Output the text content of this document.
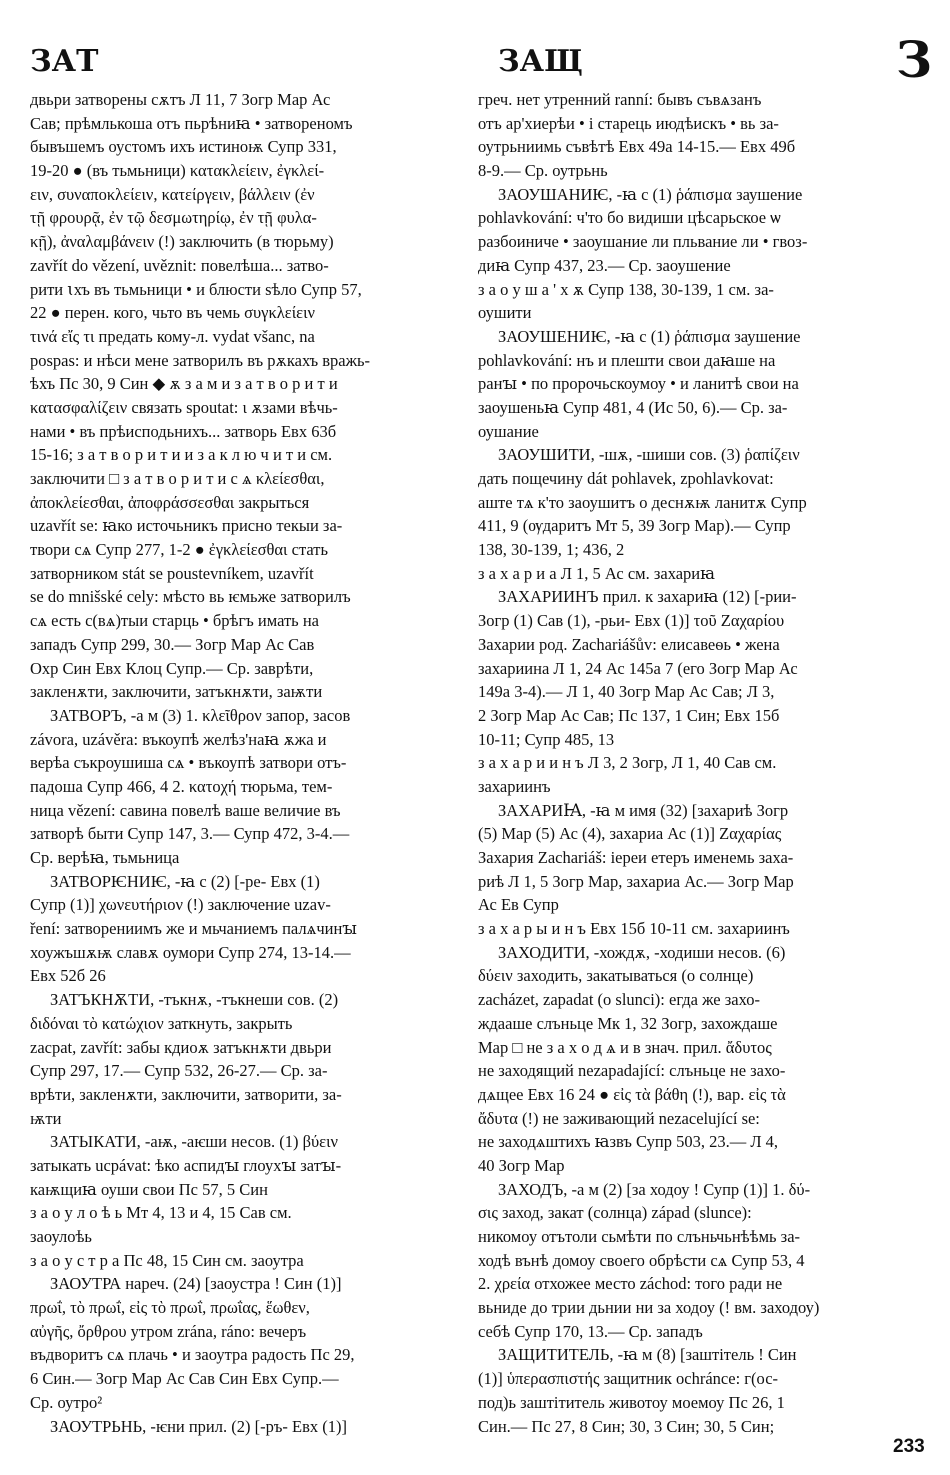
ЗАТ	ЗАЩ	З
двьри затворены сѫтъ Л 11, 7 Зогр Мар Ас
Сав; прѣмлькоша отъ пьрѣниꙗ • затвореномъ
бывъшемъ оустомъ ихъ истиноѭ Супр 331,
19-20 ● (въ тьмьници) κατακλείειν, ἐγκλεί-
ειν, συναποκλείειν, κατείργειν, βάλλειν (ἐν
τῇ φρουρᾷ, ἐν τῷ δεσμωτηρίῳ, ἐν τῇ φυλα-
κῇ), ἀναλαμβάνειν (!) заключить (в тюрьму)
zavřít do vězení, uvěznit: повелѣша... затво-
рити ꙇхъ въ тьмьници • и блюсти ѕѣло Супр 57,
22 ● перен. кого, чьто въ чемь συγκλείειν
τινά εἴς τι предать кому-л. vydat všanc, na
pospas: и нѣси мене затворилъ въ рѫкахъ вражь-
ѣхъ Пс 30, 9 Син ◆ ѫ з а м и з а т в о р и т и
κατασφαλίζειν связать spoutat: ι ѫзами вѣчь-
нами • въ прѣисподьнихъ... затворь Евх 63б
15-16; з а т в о р и т и и з а к л ю ч и т и см.
заключити □ з а т в о р и т и с ѧ κλείεσθαι,
ἀποκλείεσθαι, ἀποφράσσεσθαι закрыться
uzavřít se: ꙗко источьникъ присно текыи за-
твори сѧ Супр 277, 1-2 ● ἐγκλείεσθαι стать
затворником stát se poustevníkem, uzavřít
se do mnišské cely: мѣсто вь ѥмьже затворилъ
сѧ есть с(вѧ)тыи старць • брѣгъ имать на
западъ Супр 299, 30.— Зогр Мар Ас Сав
Охр Син Евх Клоц Супр.— Ср. заврѣти,
закленѫти, заключити, затъкнѫти, заѭти
ЗАТВОРЪ, -а м (3) 1. κλεῖθρον запор, засов
závora, uzávěra: въкоупѣ желѣз'наꙗ ѫжа и
верѣа съкроушиша сѧ • въкоупѣ затвори отъ-
падоша Супр 466, 4 2. κατοχή тюрьма, тем-
ница vězení: савина повелѣ ваше величие въ
затворѣ быти Супр 147, 3.— Супр 472, 3-4.—
Ср. верѣꙗ, тьмьница
ЗАТВОРѤНИѤ, -ꙗ с (2) [-ре- Евх (1)
Супр (1)] χωνευτήριον (!) заключение uzav-
ření: затворениимъ же и мьчаниемъ палѧчинꙑ
хоужъшѫѭ славѫ оумори Супр 274, 13-14.—
Евх 52б 26
ЗАТЪКНѪТИ, -тъкнѫ, -тъкнеши сов. (2)
διδόναι τὸ κατώχιον заткнуть, закрыть
zacpat, zavřít: забы кдиоѫ затъкнѫти двьри
Супр 297, 17.— Супр 532, 26-27.— Ср. за-
врѣти, закленѫти, заключити, затворити, за-
ѭти
ЗАТЫКАТИ, -аѭ, -аѥши несов. (1) βύειν
затыкать ucpávat: ѣко аспидꙑ глоухꙑ затꙑ-
каѭщиꙗ оуши свои Пс 57, 5 Син
з а о у л о ѣ ь Мт 4, 13 и 4, 15 Сав см.
заоулоѣь
з а о у с т р а Пс 48, 15 Син см. заоутра
ЗАОУТРА нареч. (24) [заоустра ! Син (1)]
πρωΐ, τὸ πρωΐ, εἰς τὸ πρωΐ, πρωΐας, ἕωθεν,
αὐγῆς, ὄρθρου утром zrána, ráno: вечеръ
въдворитъ сѧ плачь • и заоутра радость Пс 29,
6 Син.— Зогр Мар Ас Сав Син Евх Супр.—
Ср. оутро²
ЗАОУТРЬНЬ, -ѥни прил. (2) [-ръ- Евх (1)]
греч. нет утренний ranní: бывъ съвѧзанъ
отъ ар'хиерѣи • і старець июдѣискъ • вь за-
оутрьниимь съвѣтѣ Евх 49а 14-15.— Евх 49б
8-9.— Ср. оутрьнь
ЗАОУШАНИѤ, -ꙗ с (1) ῥάπισμα заушение
pohlavkování: ч'то бо видиши цѣсарьское ѡ
разбоиниче • заоушание ли пльвание ли • гвоз-
диꙗ Супр 437, 23.— Ср. заоушение
з а о у ш а ' х ѫ Супр 138, 30-139, 1 см. за-
оушити
ЗАОУШЕНИѤ, -ꙗ с (1) ῥάπισμα заушение
pohlavkování: нъ и плешти свои даꙗше на
ранꙑ • по пророчьскоумоу • и ланитѣ свои на
заоушеньꙗ Супр 481, 4 (Ис 50, 6).— Ср. за-
оушание
ЗАОУШИТИ, -шѫ, -шиши сов. (3) ῥαπίζειν
дать пощечину dát pohlavek, zpohlavkovat:
аште тѧ к'то заоушитъ о деснѫѭ ланитѫ Супр
411, 9 (ѹдаритъ Мт 5, 39 Зогр Мар).— Супр
138, 30-139, 1; 436, 2
з а х а р и а Л 1, 5 Ас см. захариꙗ
ЗАХАРИИНЪ прил. к захариꙗ (12) [-рии-
Зогр (1) Сав (1), -рьи- Евх (1)] τοῦ Ζαχαρίου
Захарии род. Zachariášův: елисавеѳь • жена
захариина Л 1, 24 Ас 145а 7 (его Зогр Мар Ас
149а 3-4).— Л 1, 40 Зогр Мар Ас Сав; Л 3,
2 Зогр Мар Ас Сав; Пс 137, 1 Син; Евх 15б
10-11; Супр 485, 13
з а х а р и и н ъ Л 3, 2 Зогр, Л 1, 40 Сав см.
захариинъ
ЗАХАРИꙖ, -ꙗ м имя (32) [захариѣ Зогр
(5) Мар (5) Ас (4), захариа Ас (1)] Ζαχαρίας
Захария Zachariáš: іереи етеръ именемь заха-
риѣ Л 1, 5 Зогр Мар, захариа Ас.— Зогр Мар
Ас Ев Супр
з а х а р ы и н ъ Евх 15б 10-11 см. захариинъ
ЗАХОДИТИ, -хождѫ, -ходиши несов. (6)
δύειν заходить, закатываться (о солнце)
zacházet, zapadat (o slunci): егда же захо-
ждааше слъньце Мк 1, 32 Зогр, захождаше
Мар □ не з а х о д ѧ и в знач. прил. ἄδυτος
не заходящий nezapadající: слъньце не захо-
дѧщее Евх 16 24 ● εἰς τὰ βάθη (!), вар. εἰς τὰ
ἄδυτα (!) не заживающий nezacelující se:
не заходѧштихъ ꙗзвъ Супр 503, 23.— Л 4,
40 Зогр Мар
ЗАХОДЪ, -а м (2) [за ходоу ! Супр (1)] 1. δύ-
σις заход, закат (солнца) západ (slunce):
никомоу отътоли сьмѣти по слъньчьнѣѣмь за-
ходѣ вънѣ домоу своего обрѣсти сѧ Супр 53, 4
2. χρεία отхожее место záchod: того ради не
вьниде до трии дьнии ни за ходоу (! вм. заходоу)
себѣ Супр 170, 13.— Ср. западъ
ЗАЩИТИТЕЛЬ, -ꙗ м (8) [заштітель ! Син
(1)] ὑπερασπιστής защитник ochránce: г(ос-
под)ь заштітитель животоу моемоу Пс 26, 1
Син.— Пс 27, 8 Син; 30, 3 Син; 30, 5 Син;
233
